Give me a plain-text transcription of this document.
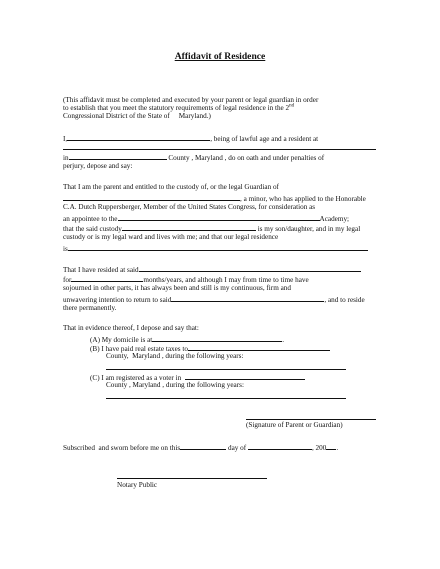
Affidavit of Residence
(This affidavit must be completed and executed by your parent or legal guardian in order
to establish that you meet the statutory requirements of legal residence in the 2nd
Congressional District of the State of Maryland.)
I,	, being of lawful age and a resident at
in	County , Maryland , do on oath and under penalties of
perjury, depose and say:
That I am the parent and entitled to the custody of, or the legal Guardian of
, a minor, who has applied to the Honorable
C.A. Dutch Ruppersberger, Member of the United States Congress, for consideration as
an appointee to the	Academy;
that the said custody	is my son/daughter, and in my legal
custody or is my legal ward and lives with me; and that our legal residence
is
That I have resided at said
for	months/years, and although I may from time to time have
sojourned in other parts, it has always been and still is my continuous, firm and
unwavering intention to return to said	, and to reside
there permanently.
That in evidence thereof, I depose and say that:
(A) My domicile is at	.
(B) I have paid real estate taxes to
County,  Maryland , during the following years:
(C) I am registered as a voter in
County , Maryland , during the following years:
(Signature of Parent or Guardian)
Subscribed  and sworn before me on this	day of	, 200 .
Notary Public
